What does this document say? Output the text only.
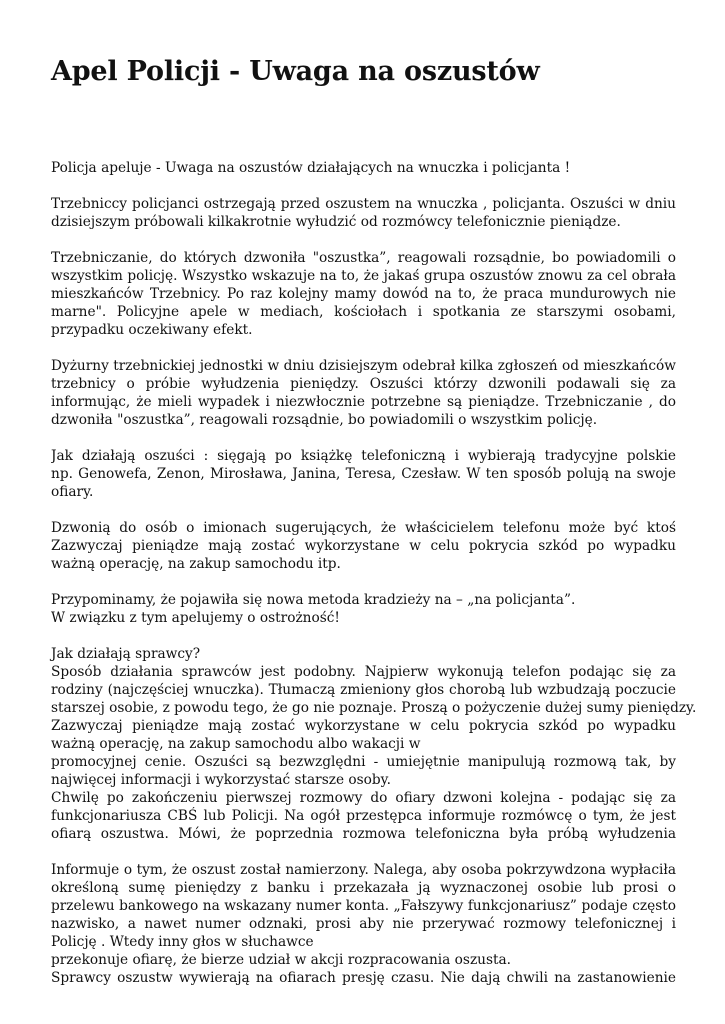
Apel Policji - Uwaga na oszustów

Policja apeluje - Uwaga na oszustów działających na wnuczka i policjanta !

Trzebniccy policjanci ostrzegają przed oszustem na wnuczka , policjanta. Oszuści w dniu
dzisiejszym próbowali kilkakrotnie wyłudzić od rozmówcy telefonicznie pieniądze.

Trzebniczanie, do których dzwoniła "oszustka”, reagowali rozsądnie, bo powiadomili o
wszystkim policję. Wszystko wskazuje na to, że jakaś grupa oszustów znowu za cel obrała
mieszkańców Trzebnicy. Po raz kolejny mamy dowód na to, że praca mundurowych nie
marne". Policyjne apele w mediach, kościołach i spotkania ze starszymi osobami,
przypadku oczekiwany efekt.

Dyżurny trzebnickiej jednostki w dniu dzisiejszym odebrał kilka zgłoszeń od mieszkańców
trzebnicy o próbie wyłudzenia pieniędzy. Oszuści którzy dzwonili podawali się za
informując, że mieli wypadek i niezwłocznie potrzebne są pieniądze. Trzebniczanie , do
dzwoniła "oszustka”, reagowali rozsądnie, bo powiadomili o wszystkim policję.

Jak działają oszuści : sięgają po książkę telefoniczną i wybierają tradycyjne polskie
np. Genowefa, Zenon, Mirosława, Janina, Teresa, Czesław. W ten sposób polują na swoje
ofiary.

Dzwonią do osób o imionach sugerujących, że właścicielem telefonu może być ktoś
Zazwyczaj pieniądze mają zostać wykorzystane w celu pokrycia szkód po wypadku
ważną operację, na zakup samochodu itp.

Przypominamy, że pojawiła się nowa metoda kradzieży na – „na policjanta”.
W związku z tym apelujemy o ostrożność!

Jak działają sprawcy?
Sposób działania sprawców jest podobny. Najpierw wykonują telefon podając się za
rodziny (najczęściej wnuczka). Tłumaczą zmieniony głos chorobą lub wzbudzają poczucie
starszej osobie, z powodu tego, że go nie poznaje. Proszą o pożyczenie dużej sumy pieniędzy.
Zazwyczaj pieniądze mają zostać wykorzystane w celu pokrycia szkód po wypadku
ważną operację, na zakup samochodu albo wakacji w
promocyjnej cenie. Oszuści są bezwzględni - umiejętnie manipulują rozmową tak, by
najwięcej informacji i wykorzystać starsze osoby.
Chwilę po zakończeniu pierwszej rozmowy do ofiary dzwoni kolejna - podając się za
funkcjonariusza CBŚ lub Policji. Na ogół przestępca informuje rozmówcę o tym, że jest
ofiarą oszustwa. Mówi, że poprzednia rozmowa telefoniczna była próbą wyłudzenia

Informuje o tym, że oszust został namierzony. Nalega, aby osoba pokrzywdzona wypłaciła
określoną sumę pieniędzy z banku i przekazała ją wyznaczonej osobie lub prosi o
przelewu bankowego na wskazany numer konta. „Fałszywy funkcjonariusz” podaje często
nazwisko, a nawet numer odznaki, prosi aby nie przerywać rozmowy telefonicznej i
Policję . Wtedy inny głos w słuchawce
przekonuje ofiarę, że bierze udział w akcji rozpracowania oszusta.
Sprawcy oszustw wywierają na ofiarach presję czasu. Nie dają chwili na zastanowienie
